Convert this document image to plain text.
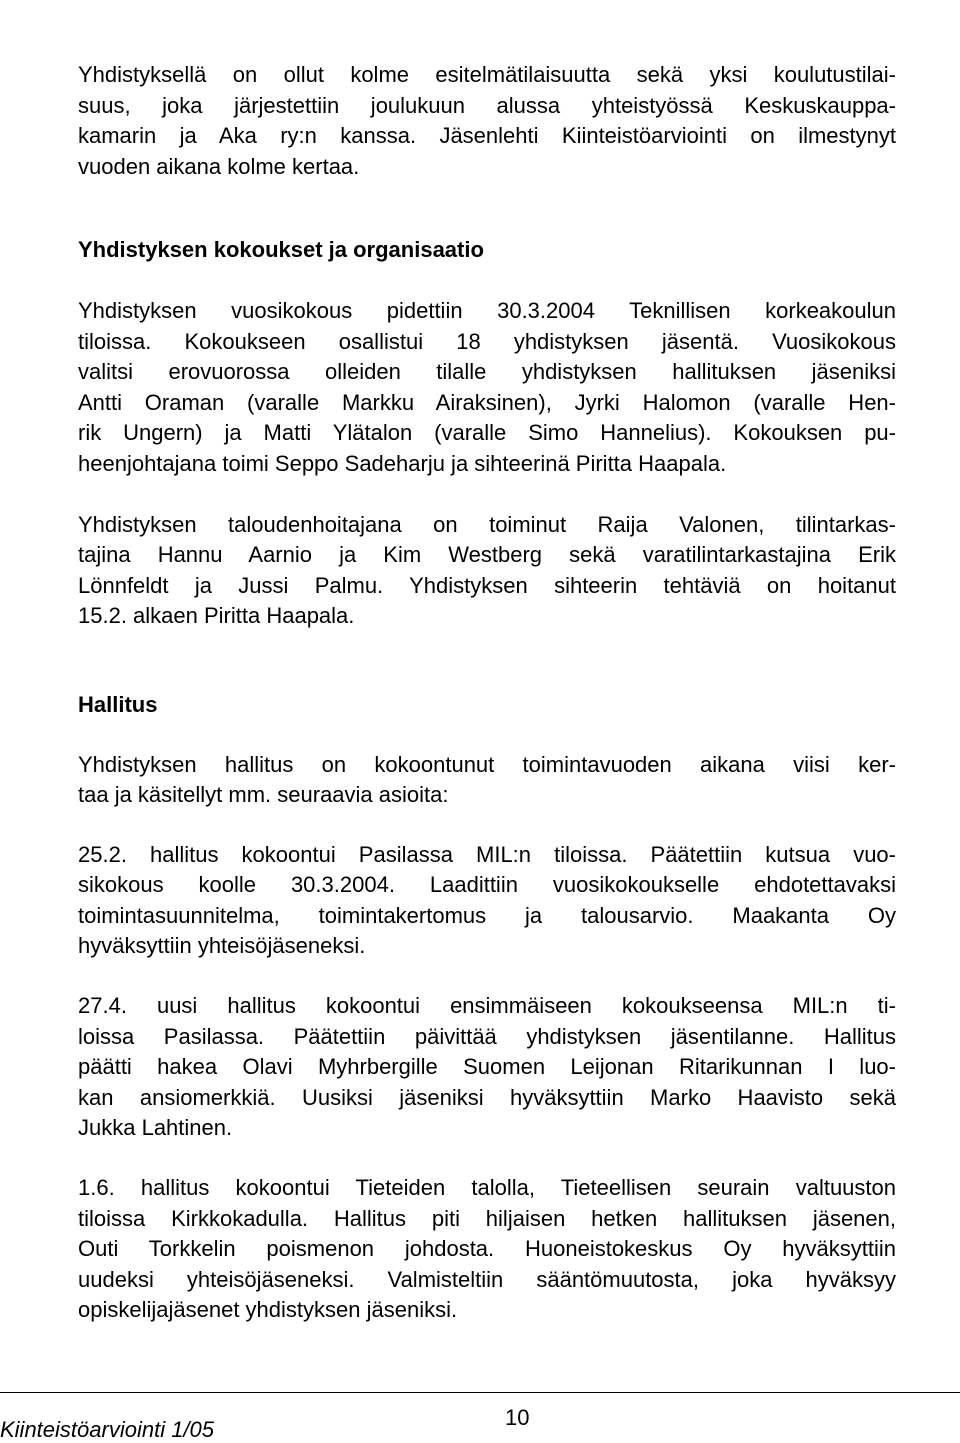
Yhdistyksellä on ollut kolme esitelmätilaisuutta sekä yksi koulutustilai-
suus, joka järjestettiin joulukuun alussa yhteistyössä Keskuskauppa-
kamarin ja Aka ry:n kanssa. Jäsenlehti Kiinteistöarviointi on ilmestynyt
vuoden aikana kolme kertaa.

Yhdistyksen kokoukset ja organisaatio

Yhdistyksen vuosikokous pidettiin 30.3.2004 Teknillisen korkeakoulun
tiloissa. Kokoukseen osallistui 18 yhdistyksen jäsentä. Vuosikokous
valitsi erovuorossa olleiden tilalle yhdistyksen hallituksen jäseniksi
Antti Oraman (varalle Markku Airaksinen), Jyrki Halomon (varalle Hen-
rik Ungern) ja Matti Ylätalon (varalle Simo Hannelius). Kokouksen pu-
heenjohtajana toimi Seppo Sadeharju ja sihteerinä Piritta Haapala.

Yhdistyksen taloudenhoitajana on toiminut Raija Valonen, tilintarkas-
tajina Hannu Aarnio ja Kim Westberg sekä varatilintarkastajina Erik
Lönnfeldt ja Jussi Palmu. Yhdistyksen sihteerin tehtäviä on hoitanut
15.2. alkaen Piritta Haapala.

Hallitus

Yhdistyksen hallitus on kokoontunut toimintavuoden aikana viisi ker-
taa ja käsitellyt mm. seuraavia asioita:

25.2. hallitus kokoontui Pasilassa MIL:n tiloissa. Päätettiin kutsua vuo-
sikokous koolle 30.3.2004. Laadittiin vuosikokoukselle ehdotettavaksi
toimintasuunnitelma, toimintakertomus ja talousarvio. Maakanta Oy
hyväksyttiin yhteisöjäseneksi.

27.4. uusi hallitus kokoontui ensimmäiseen kokoukseensa MIL:n ti-
loissa Pasilassa. Päätettiin päivittää yhdistyksen jäsentilanne. Hallitus
päätti hakea Olavi Myhrbergille Suomen Leijonan Ritarikunnan I luo-
kan ansiomerkkiä. Uusiksi jäseniksi hyväksyttiin Marko Haavisto sekä
Jukka Lahtinen.

1.6. hallitus kokoontui Tieteiden talolla, Tieteellisen seurain valtuuston
tiloissa Kirkkokadulla. Hallitus piti hiljaisen hetken hallituksen jäsenen,
Outi Torkkelin poismenon johdosta. Huoneistokeskus Oy hyväksyttiin
uudeksi yhteisöjäseneksi. Valmisteltiin sääntömuutosta, joka hyväksyy
opiskelijajäsenet yhdistyksen jäseniksi.

Kiinteistöarviointi 1/05	10
